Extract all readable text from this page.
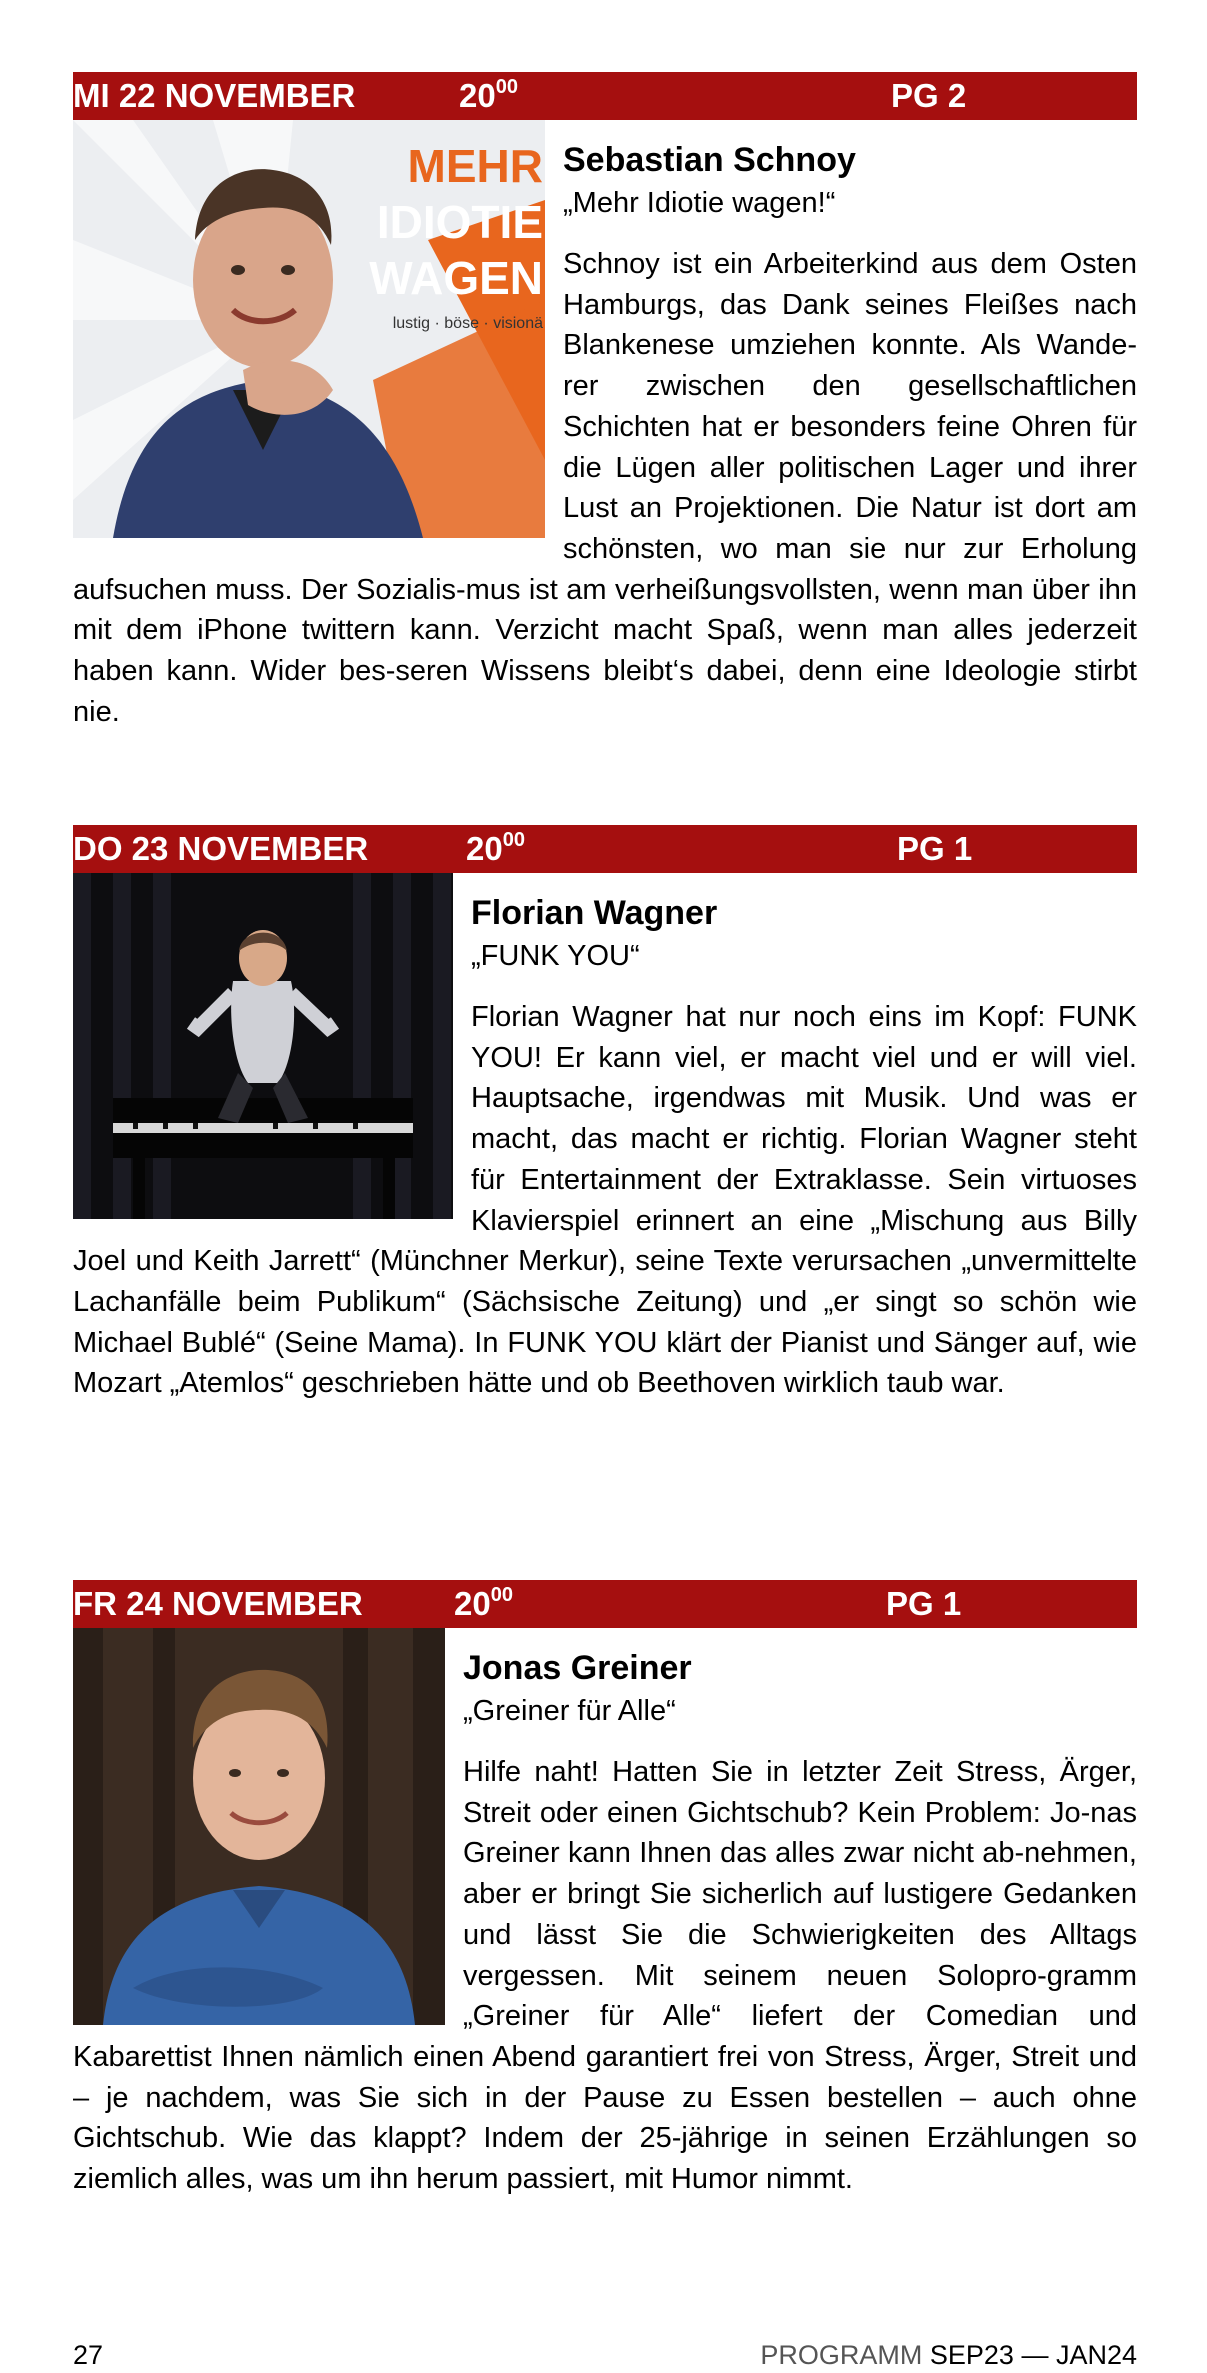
MI 22 NOVEMBER	$20^{00}$	PG 2
MEHR
IDIOTIE
WAGEN
lustig · böse · visionä
Sebastian Schnoy
„Mehr Idiotie wagen!“

Schnoy ist ein Arbeiterkind aus dem Osten Hamburgs, das Dank seines Fleißes nach Blankenese umziehen konnte. Als Wande-rer zwischen den gesellschaftlichen Schichten hat er besonders feine Ohren für die Lügen aller politischen Lager und ihrer Lust an Projektionen. Die Natur ist dort am schönsten, wo man sie nur zur Erholung aufsuchen muss. Der Sozialis-mus ist am verheißungsvollsten, wenn man über ihn mit dem iPhone twittern kann. Verzicht macht Spaß, wenn man alles jederzeit haben kann. Wider bes-seren Wissens bleibt‘s dabei, denn eine Ideologie stirbt nie.

DO 23 NOVEMBER	$20^{00}$	PG 1
Florian Wagner
„FUNK YOU“

Florian Wagner hat nur noch eins im Kopf: FUNK YOU! Er kann viel, er macht viel und er will viel. Hauptsache, irgendwas mit Musik. Und was er macht, das macht er richtig. Florian Wagner steht für Entertainment der Extraklasse. Sein virtuoses Klavierspiel erinnert an eine „Mischung aus Billy Joel und Keith Jarrett“ (Münchner Merkur), seine Texte verursachen „unvermittelte Lachanfälle beim Publikum“ (Sächsische Zeitung) und „er singt so schön wie Michael Bublé“ (Seine Mama). In FUNK YOU klärt der Pianist und Sänger auf, wie Mozart „Atemlos“ geschrieben hätte und ob Beethoven wirklich taub war.

FR 24 NOVEMBER	$20^{00}$	PG 1
Jonas Greiner
„Greiner für Alle“

Hilfe naht! Hatten Sie in letzter Zeit Stress, Ärger, Streit oder einen Gichtschub? Kein Problem: Jo-nas Greiner kann Ihnen das alles zwar nicht ab-nehmen, aber er bringt Sie sicherlich auf lustigere Gedanken und lässt Sie die Schwierigkeiten des Alltags vergessen. Mit seinem neuen Solopro-gramm „Greiner für Alle“ liefert der Comedian und Kabarettist Ihnen nämlich einen Abend garantiert frei von Stress, Ärger, Streit und – je nachdem, was Sie sich in der Pause zu Essen bestellen – auch ohne Gichtschub. Wie das klappt? Indem der 25-jährige in seinen Erzählungen so ziemlich alles, was um ihn herum passiert, mit Humor nimmt.

27	PROGRAMM SEP23 — JAN24
